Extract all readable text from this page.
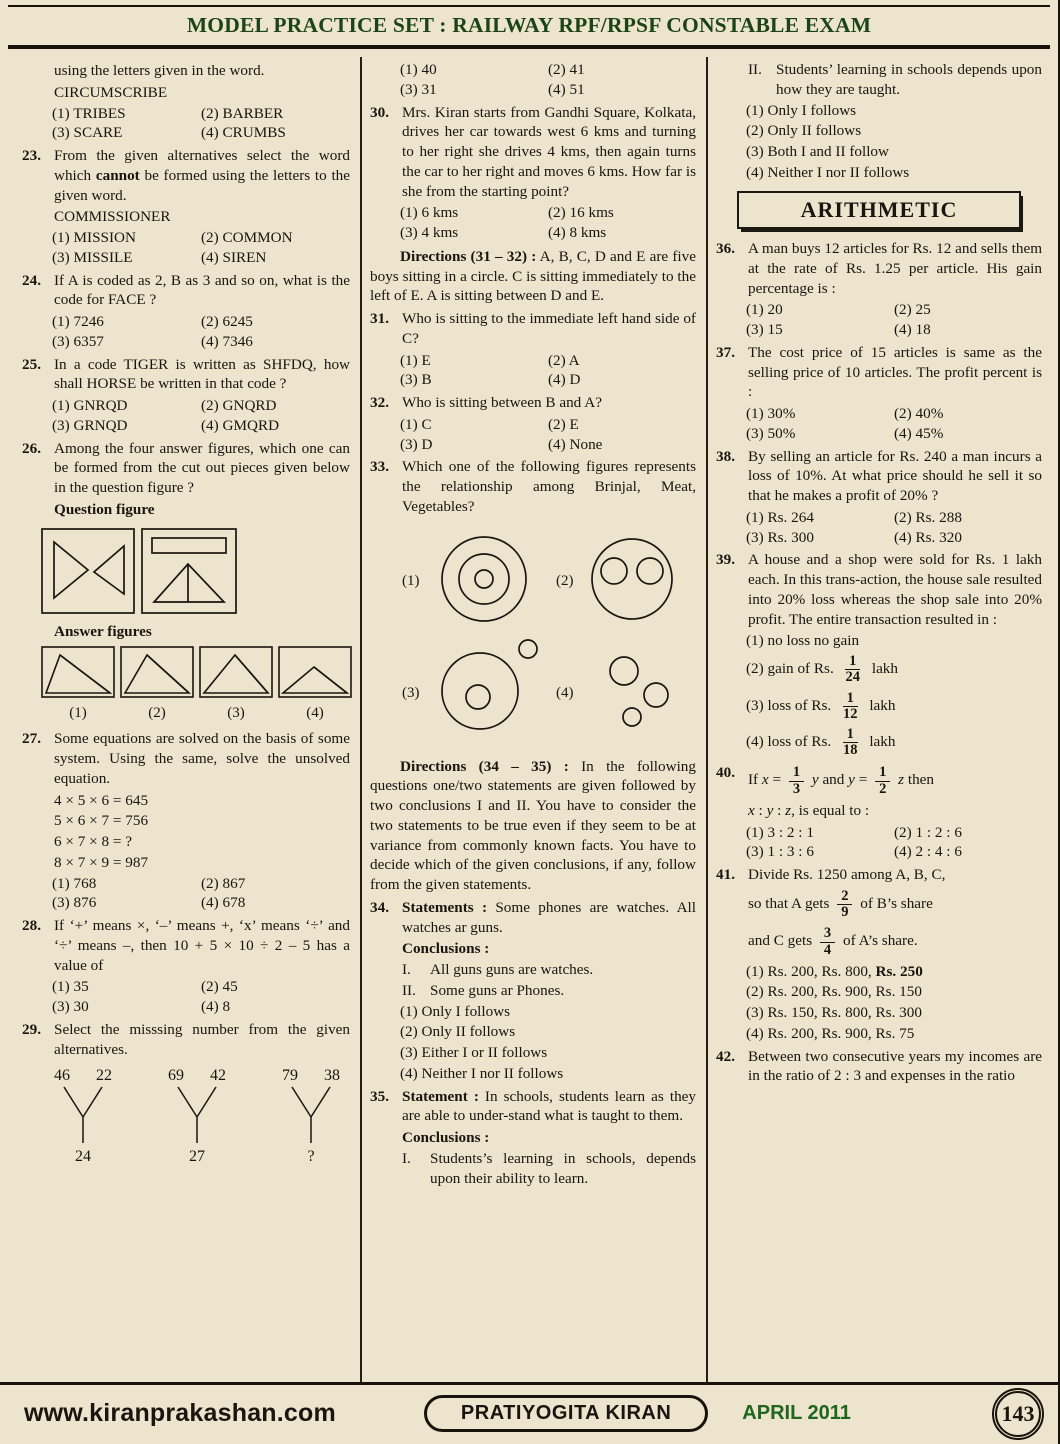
MODEL PRACTICE SET : RAILWAY RPF/RPSF CONSTABLE EXAM
using the letters given in the word.
CIRCUMSCRIBE
(1) TRIBES	(2) BARBER
(3) SCARE	(4) CRUMBS
23. From the given alternatives select the word which cannot be formed using the letters to the given word.
COMMISSIONER
(1) MISSION	(2) COMMON
(3) MISSILE	(4) SIREN
24. If A is coded as 2, B as 3 and so on, what is the code for FACE ?
(1) 7246	(2) 6245
(3) 6357	(4) 7346
25. In a code TIGER is written as SHFDQ, how shall HORSE be written in that code ?
(1) GNRQD	(2) GNQRD
(3) GRNQD	(4) GMQRD
26. Among the four answer figures, which one can be formed from the cut out pieces given below in the question figure ?
Question figure
Answer figures
(1)	(2)	(3)	(4)
27. Some equations are solved on the basis of some system. Using the same, solve the unsolved equation.
4 × 5 × 6 = 645
5 × 6 × 7 = 756
6 × 7 × 8 = ?
8 × 7 × 9 = 987
(1) 768	(2) 867
(3) 876	(4) 678
28. If ‘+’ means ×, ‘–’ means +, ‘x’ means ‘÷’ and ‘÷’ means –, then 10 + 5 × 10 ÷ 2 – 5 has a value of
(1) 35	(2) 45
(3) 30	(4) 8
29. Select the misssing number from the given alternatives.
46 22	69 42	79 38
24	27	?
(1) 40	(2) 41
(3) 31	(4) 51
30. Mrs. Kiran starts from Gandhi Square, Kolkata, drives her car towards west 6 kms and turning to her right she drives 4 kms, then again turns the car to her right and moves 6 kms. How far is she from the starting point?
(1) 6 kms	(2) 16 kms
(3) 4 kms	(4) 8 kms
Directions (31 – 32) : A, B, C, D and E are five boys sitting in a circle. C is sitting immediately to the left of E. A is sitting between D and E.
31. Who is sitting to the immediate left hand side of C?
(1) E	(2) A
(3) B	(4) D
32. Who is sitting between B and A?
(1) C	(2) E
(3) D	(4) None
33. Which one of the following figures represents the relationship among Brinjal, Meat, Vegetables?
(1)	(2)
(3)	(4)
Directions (34 – 35) : In the following questions one/two statements are given followed by two conclusions I and II. You have to consider the two statements to be true even if they seem to be at variance from commonly known facts. You have to decide which of the given conclusions, if any, follow from the given statements.
34. Statements : Some phones are watches. All watches ar guns.
Conclusions :
I.	All guns guns are watches.
II. Some guns ar Phones.
(1) Only I follows
(2) Only II follows
(3) Either I or II follows
(4) Neither I nor II follows
35. Statement : In schools, students learn as they are able to under-stand what is taught to them.
Conclusions :
I.	Students’s learning in schools, depends upon their ability to learn.
II. Students’ learning in schools depends upon how they are taught.
(1) Only I follows
(2) Only II follows
(3) Both I and II follow
(4) Neither I nor II follows
ARITHMETIC
36. A man buys 12 articles for Rs. 12 and sells them at the rate of Rs. 1.25 per article. His gain percentage is :
(1) 20	(2) 25
(3) 15	(4) 18
37. The cost price of 15 articles is same as the selling price of 10 articles. The profit percent is :
(1) 30%	(2) 40%
(3) 50%	(4) 45%
38. By selling an article for Rs. 240 a man incurs a loss of 10%. At what price should he sell it so that he makes a profit of 20% ?
(1) Rs. 264	(2) Rs. 288
(3) Rs. 300	(4) Rs. 320
39. A house and a shop were sold for Rs. 1 lakh each. In this trans-action, the house sale resulted into 20% loss whereas the shop sale into 20% profit. The entire transaction resulted in :
(1) no loss no gain
(2) gain of Rs. $\frac{1}{24}$ lakh
(3) loss of Rs. $\frac{1}{12}$ lakh
(4) loss of Rs. $\frac{1}{18}$ lakh
40. If $x = \frac{1}{3}$ y and $y = \frac{1}{2}$ z then
x : y : z, is equal to :
(1) 3 : 2 : 1	(2) 1 : 2 : 6
(3) 1 : 3 : 6	(4) 2 : 4 : 6
41. Divide Rs. 1250 among A, B, C,
so that A gets $\frac{2}{9}$ of B’s share
and C gets $\frac{3}{4}$ of A’s share.
(1) Rs. 200, Rs. 800, Rs. 250
(2) Rs. 200, Rs. 900, Rs. 150
(3) Rs. 150, Rs. 800, Rs. 300
(4) Rs. 200, Rs. 900, Rs. 75
42. Between two consecutive years my incomes are in the ratio of 2 : 3 and expenses in the ratio
www.kiranprakashan.com	PRATIYOGITA KIRAN	APRIL 2011	143
